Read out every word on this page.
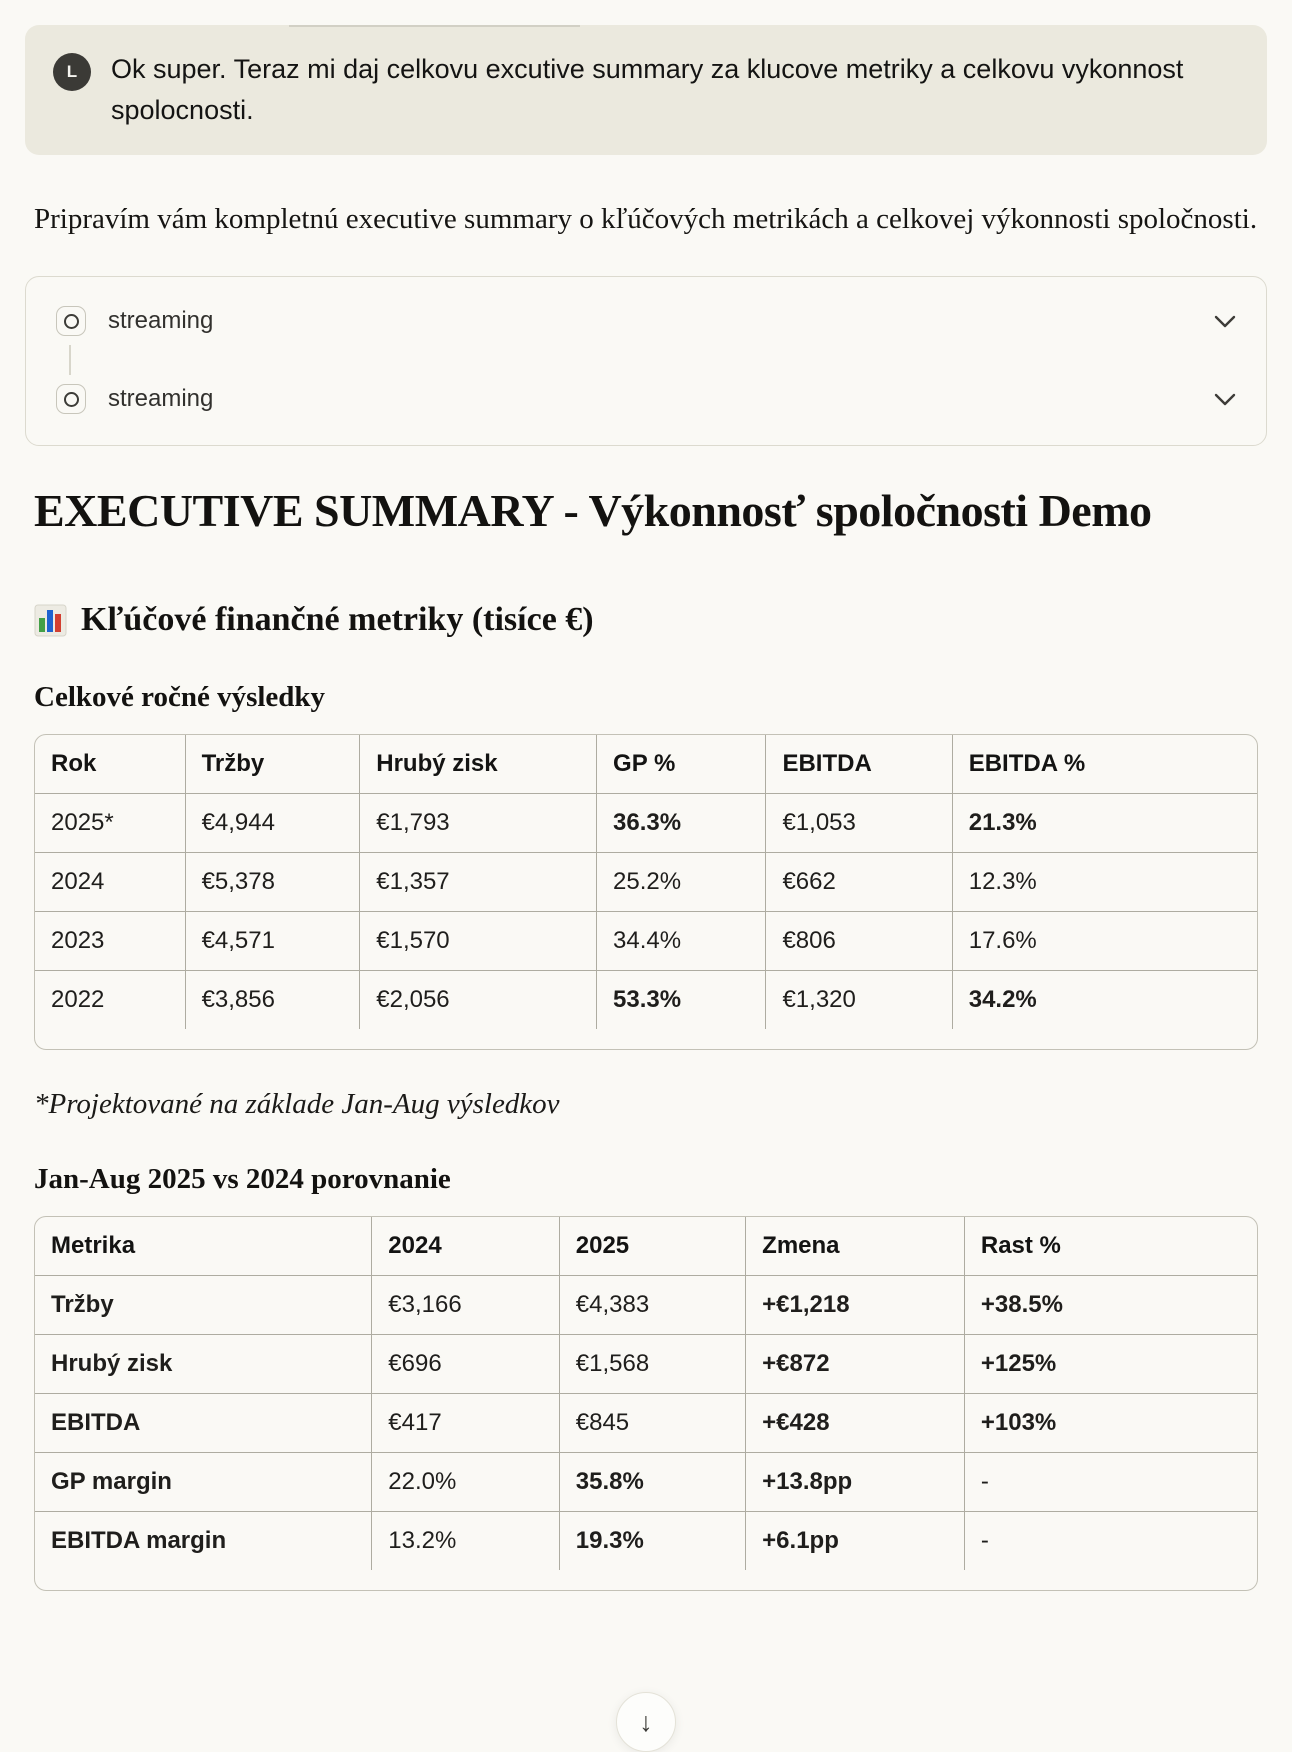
L	Ok super. Teraz mi daj celkovu excutive summary za klucove metriky a celkovu vykonnost spolocnosti.

Pripravím vám kompletnú executive summary o kľúčových metrikách a celkovej výkonnosti spoločnosti.

streaming
streaming
EXECUTIVE SUMMARY - Výkonnosť spoločnosti Demo
Kľúčové finančné metriky (tisíce €)
Celkové ročné výsledky
Rok	Tržby	Hrubý zisk	GP %	EBITDA	EBITDA %
2025*	€4,944	€1,793	36.3%	€1,053	21.3%
2024	€5,378	€1,357	25.2%	€662	12.3%
2023	€4,571	€1,570	34.4%	€806	17.6%
2022	€3,856	€2,056	53.3%	€1,320	34.2%

*Projektované na základe Jan-Aug výsledkov

Jan-Aug 2025 vs 2024 porovnanie
Metrika	2024	2025	Zmena	Rast %
Tržby	€3,166	€4,383	+€1,218	+38.5%
Hrubý zisk	€696	€1,568	+€872	+125%
EBITDA	€417	€845	+€428	+103%
GP margin	22.0%	35.8%	+13.8pp	-
EBITDA margin	13.2%	19.3%	+6.1pp	-
↓
